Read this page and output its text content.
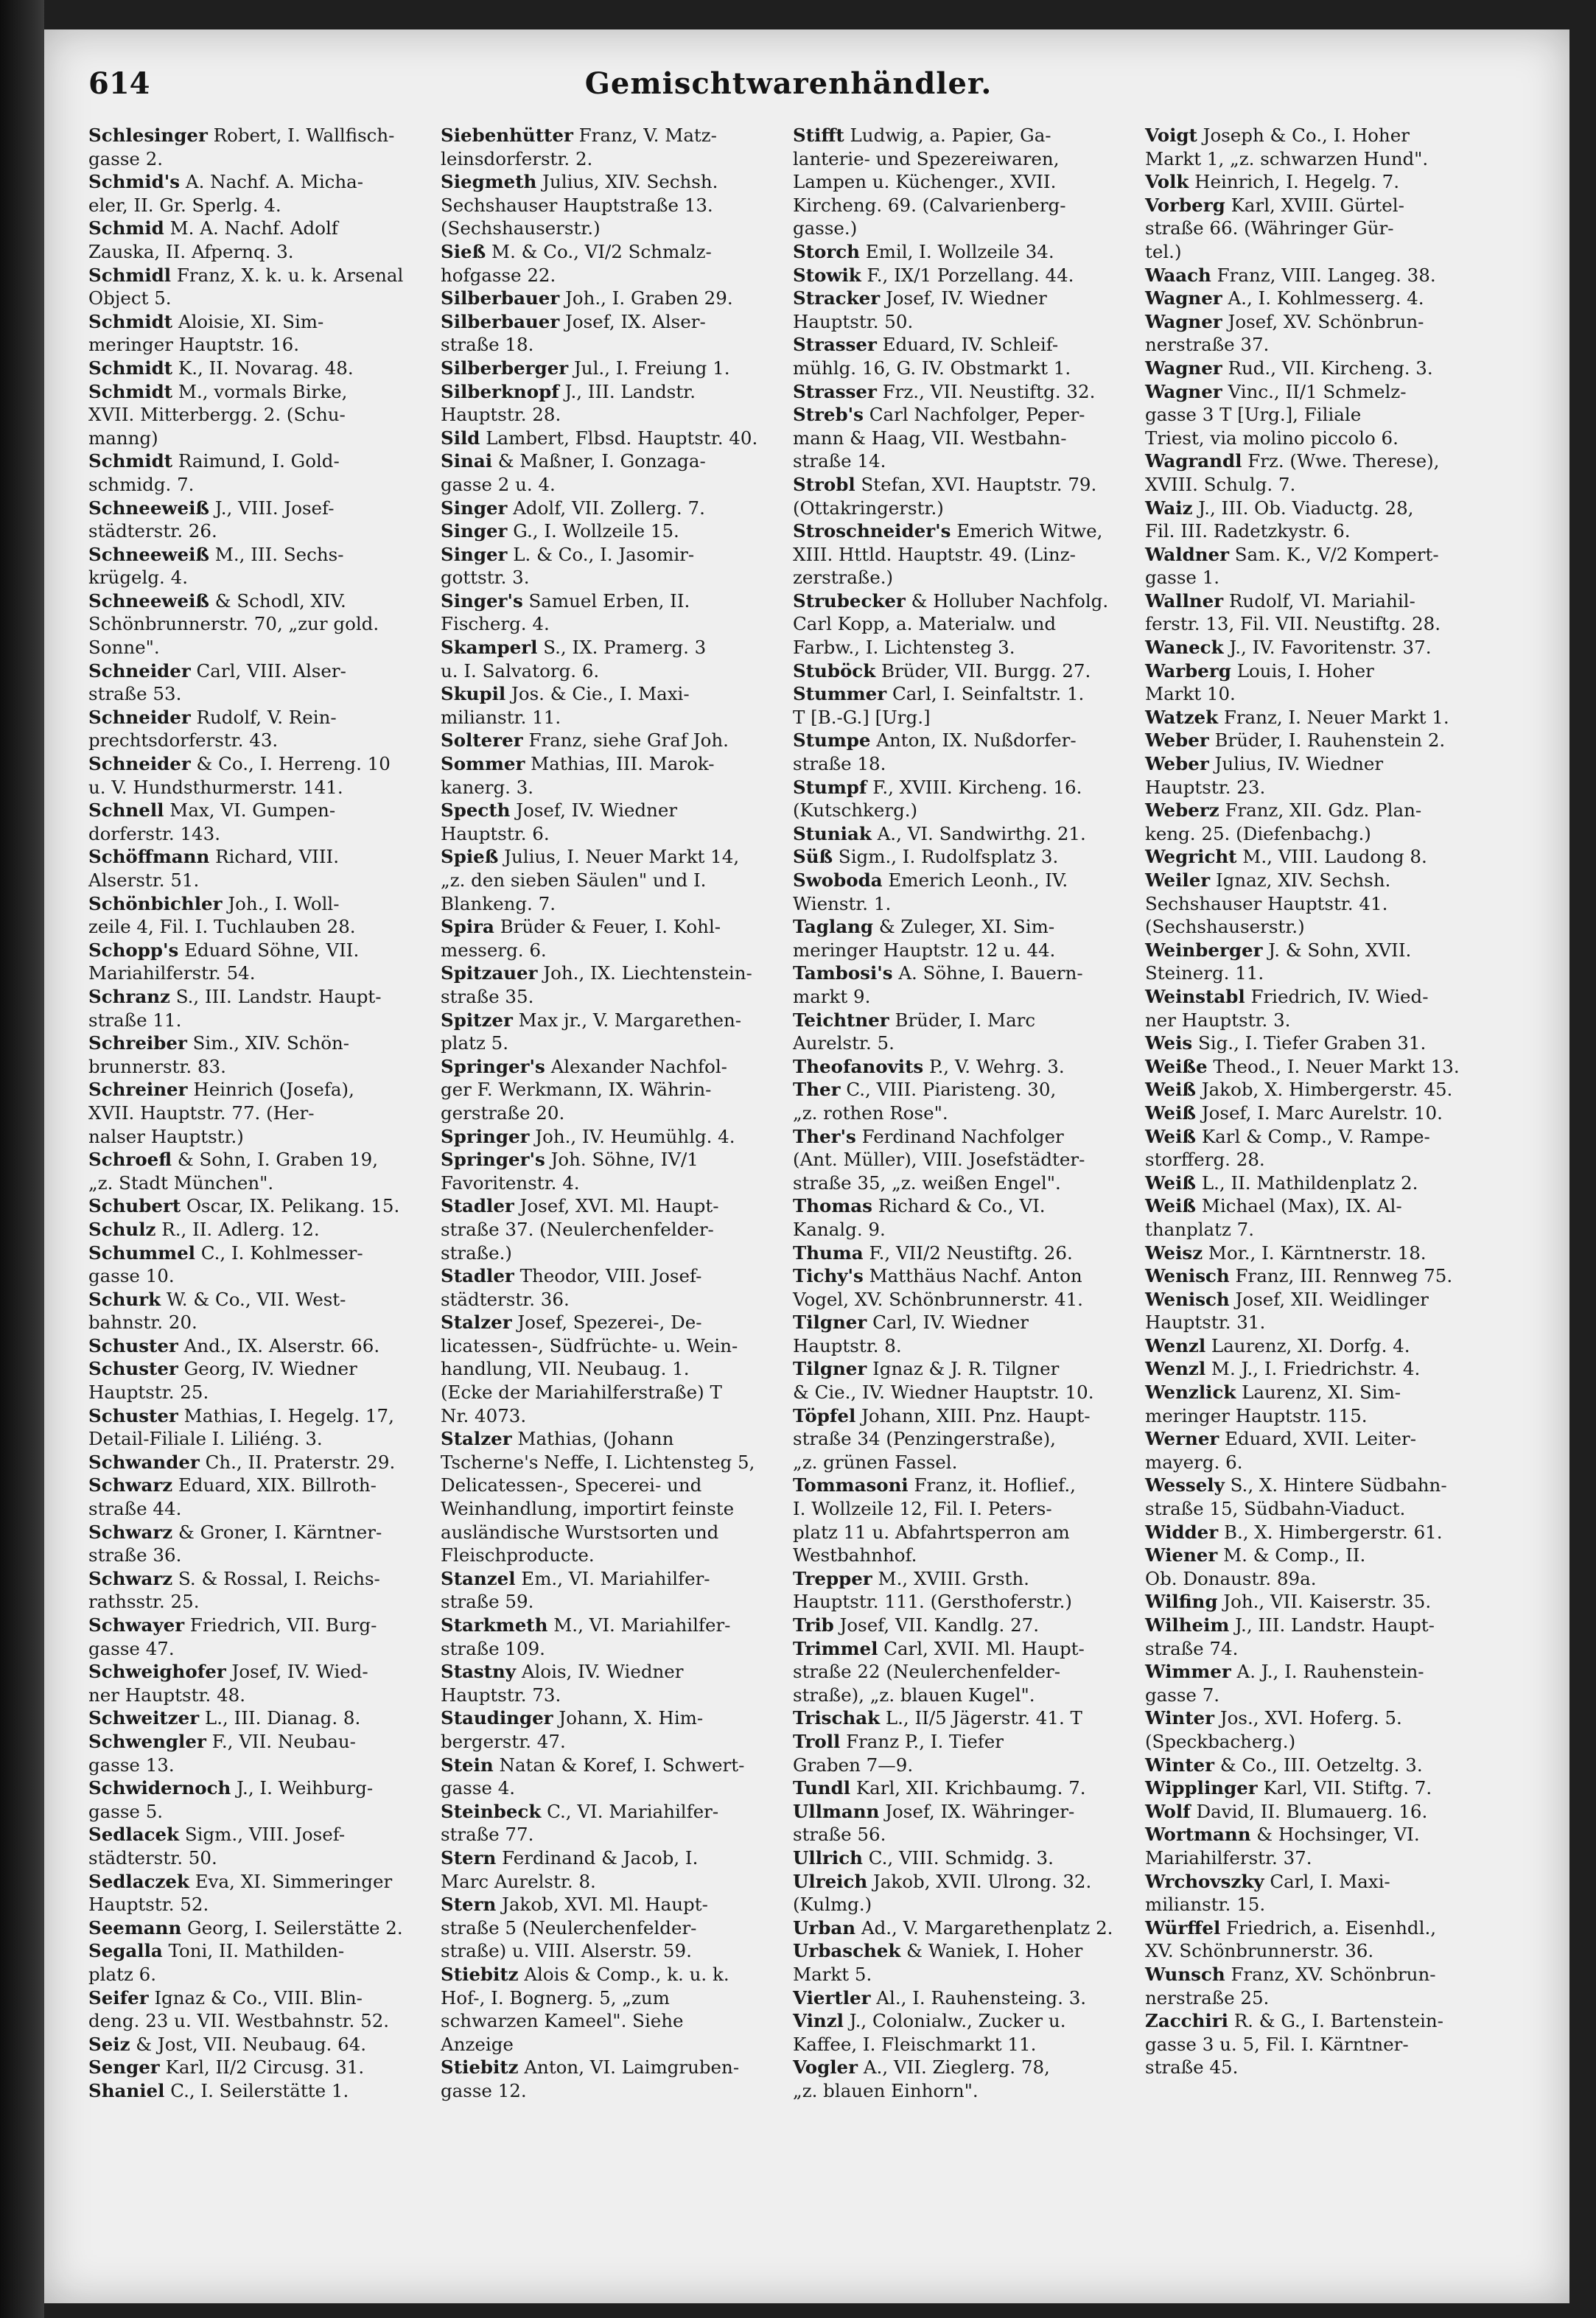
614	Gemischtwarenhändler.
Schlesinger Robert, I. Wallfisch-
gasse 2.
Schmid's A. Nachf. A. Micha-
eler, II. Gr. Sperlg. 4.
Schmid M. A. Nachf. Adolf
Zauska, II. Afpernq. 3.
Schmidl Franz, X. k. u. k. Arsenal
Object 5.
Schmidt Aloisie, XI. Sim-
meringer Hauptstr. 16.
Schmidt K., II. Novarag. 48.
Schmidt M., vormals Birke,
XVII. Mitterbergg. 2. (Schu-
manng)
Schmidt Raimund, I. Gold-
schmidg. 7.
Schneeweiß J., VIII. Josef-
städterstr. 26.
Schneeweiß M., III. Sechs-
krügelg. 4.
Schneeweiß & Schodl, XIV.
Schönbrunnerstr. 70, „zur gold.
Sonne".
Schneider Carl, VIII. Alser-
straße 53.
Schneider Rudolf, V. Rein-
prechtsdorferstr. 43.
Schneider & Co., I. Herreng. 10
u. V. Hundsthurmerstr. 141.
Schnell Max, VI. Gumpen-
dorferstr. 143.
Schöffmann Richard, VIII.
Alserstr. 51.
Schönbichler Joh., I. Woll-
zeile 4, Fil. I. Tuchlauben 28.
Schopp's Eduard Söhne, VII.
Mariahilferstr. 54.
Schranz S., III. Landstr. Haupt-
straße 11.
Schreiber Sim., XIV. Schön-
brunnerstr. 83.
Schreiner Heinrich (Josefa),
XVII. Hauptstr. 77. (Her-
nalser Hauptstr.)
Schroefl & Sohn, I. Graben 19,
„z. Stadt München".
Schubert Oscar, IX. Pelikang. 15.
Schulz R., II. Adlerg. 12.
Schummel C., I. Kohlmesser-
gasse 10.
Schurk W. & Co., VII. West-
bahnstr. 20.
Schuster And., IX. Alserstr. 66.
Schuster Georg, IV. Wiedner
Hauptstr. 25.
Schuster Mathias, I. Hegelg. 17,
Detail-Filiale I. Liliéng. 3.
Schwander Ch., II. Praterstr. 29.
Schwarz Eduard, XIX. Billroth-
straße 44.
Schwarz & Groner, I. Kärntner-
straße 36.
Schwarz S. & Rossal, I. Reichs-
rathsstr. 25.
Schwayer Friedrich, VII. Burg-
gasse 47.
Schweighofer Josef, IV. Wied-
ner Hauptstr. 48.
Schweitzer L., III. Dianag. 8.
Schwengler F., VII. Neubau-
gasse 13.
Schwidernoch J., I. Weihburg-
gasse 5.
Sedlacek Sigm., VIII. Josef-
städterstr. 50.
Sedlaczek Eva, XI. Simmeringer
Hauptstr. 52.
Seemann Georg, I. Seilerstätte 2.
Segalla Toni, II. Mathilden-
platz 6.
Seifer Ignaz & Co., VIII. Blin-
deng. 23 u. VII. Westbahnstr. 52.
Seiz & Jost, VII. Neubaug. 64.
Senger Karl, II/2 Circusg. 31.
Shaniel C., I. Seilerstätte 1.
Siebenhütter Franz, V. Matz-
leinsdorferstr. 2.
Siegmeth Julius, XIV. Sechsh.
Sechshauser Hauptstraße 13.
(Sechshauserstr.)
Sieß M. & Co., VI/2 Schmalz-
hofgasse 22.
Silberbauer Joh., I. Graben 29.
Silberbauer Josef, IX. Alser-
straße 18.
Silberberger Jul., I. Freiung 1.
Silberknopf J., III. Landstr.
Hauptstr. 28.
Sild Lambert, Flbsd. Hauptstr. 40.
Sinai & Maßner, I. Gonzaga-
gasse 2 u. 4.
Singer Adolf, VII. Zollerg. 7.
Singer G., I. Wollzeile 15.
Singer L. & Co., I. Jasomir-
gottstr. 3.
Singer's Samuel Erben, II.
Fischerg. 4.
Skamperl S., IX. Pramerg. 3
u. I. Salvatorg. 6.
Skupil Jos. & Cie., I. Maxi-
milianstr. 11.
Solterer Franz, siehe Graf Joh.
Sommer Mathias, III. Marok-
kanerg. 3.
Specth Josef, IV. Wiedner
Hauptstr. 6.
Spieß Julius, I. Neuer Markt 14,
„z. den sieben Säulen" und I.
Blankeng. 7.
Spira Brüder & Feuer, I. Kohl-
messerg. 6.
Spitzauer Joh., IX. Liechtenstein-
straße 35.
Spitzer Max jr., V. Margarethen-
platz 5.
Springer's Alexander Nachfol-
ger F. Werkmann, IX. Währin-
gerstraße 20.
Springer Joh., IV. Heumühlg. 4.
Springer's Joh. Söhne, IV/1
Favoritenstr. 4.
Stadler Josef, XVI. Ml. Haupt-
straße 37. (Neulerchenfelder-
straße.)
Stadler Theodor, VIII. Josef-
städterstr. 36.
Stalzer Josef, Spezerei-, De-
licatessen-, Südfrüchte- u. Wein-
handlung, VII. Neubaug. 1.
(Ecke der Mariahilferstraße) T
Nr. 4073.
Stalzer Mathias, (Johann
Tscherne's Neffe, I. Lichtensteg 5,
Delicatessen-, Specerei- und
Weinhandlung, importirt feinste
ausländische Wurstsorten und
Fleischproducte.
Stanzel Em., VI. Mariahilfer-
straße 59.
Starkmeth M., VI. Mariahilfer-
straße 109.
Stastny Alois, IV. Wiedner
Hauptstr. 73.
Staudinger Johann, X. Him-
bergerstr. 47.
Stein Natan & Koref, I. Schwert-
gasse 4.
Steinbeck C., VI. Mariahilfer-
straße 77.
Stern Ferdinand & Jacob, I.
Marc Aurelstr. 8.
Stern Jakob, XVI. Ml. Haupt-
straße 5 (Neulerchenfelder-
straße) u. VIII. Alserstr. 59.
Stiebitz Alois & Comp., k. u. k.
Hof-, I. Bognerg. 5, „zum
schwarzen Kameel". Siehe
Anzeige
Stiebitz Anton, VI. Laimgruben-
gasse 12.
Stifft Ludwig, a. Papier, Ga-
lanterie- und Spezereiwaren,
Lampen u. Küchenger., XVII.
Kircheng. 69. (Calvarienberg-
gasse.)
Storch Emil, I. Wollzeile 34.
Stowik F., IX/1 Porzellang. 44.
Stracker Josef, IV. Wiedner
Hauptstr. 50.
Strasser Eduard, IV. Schleif-
mühlg. 16, G. IV. Obstmarkt 1.
Strasser Frz., VII. Neustiftg. 32.
Streb's Carl Nachfolger, Peper-
mann & Haag, VII. Westbahn-
straße 14.
Strobl Stefan, XVI. Hauptstr. 79.
(Ottakringerstr.)
Stroschneider's Emerich Witwe,
XIII. Httld. Hauptstr. 49. (Linz-
zerstraße.)
Strubecker & Holluber Nachfolg.
Carl Kopp, a. Materialw. und
Farbw., I. Lichtensteg 3.
Stuböck Brüder, VII. Burgg. 27.
Stummer Carl, I. Seinfaltstr. 1.
T [B.-G.] [Urg.]
Stumpe Anton, IX. Nußdorfer-
straße 18.
Stumpf F., XVIII. Kircheng. 16.
(Kutschkerg.)
Stuniak A., VI. Sandwirthg. 21.
Süß Sigm., I. Rudolfsplatz 3.
Swoboda Emerich Leonh., IV.
Wienstr. 1.
Taglang & Zuleger, XI. Sim-
meringer Hauptstr. 12 u. 44.
Tambosi's A. Söhne, I. Bauern-
markt 9.
Teichtner Brüder, I. Marc
Aurelstr. 5.
Theofanovits P., V. Wehrg. 3.
Ther C., VIII. Piaristeng. 30,
„z. rothen Rose".
Ther's Ferdinand Nachfolger
(Ant. Müller), VIII. Josefstädter-
straße 35, „z. weißen Engel".
Thomas Richard & Co., VI.
Kanalg. 9.
Thuma F., VII/2 Neustiftg. 26.
Tichy's Matthäus Nachf. Anton
Vogel, XV. Schönbrunnerstr. 41.
Tilgner Carl, IV. Wiedner
Hauptstr. 8.
Tilgner Ignaz & J. R. Tilgner
& Cie., IV. Wiedner Hauptstr. 10.
Töpfel Johann, XIII. Pnz. Haupt-
straße 34 (Penzingerstraße),
„z. grünen Fassel.
Tommasoni Franz, it. Hoflief.,
I. Wollzeile 12, Fil. I. Peters-
platz 11 u. Abfahrtsperron am
Westbahnhof.
Trepper M., XVIII. Grsth.
Hauptstr. 111. (Gersthoferstr.)
Trib Josef, VII. Kandlg. 27.
Trimmel Carl, XVII. Ml. Haupt-
straße 22 (Neulerchenfelder-
straße), „z. blauen Kugel".
Trischak L., II/5 Jägerstr. 41. T
Troll Franz P., I. Tiefer
Graben 7—9.
Tundl Karl, XII. Krichbaumg. 7.
Ullmann Josef, IX. Währinger-
straße 56.
Ullrich C., VIII. Schmidg. 3.
Ulreich Jakob, XVII. Ulrong. 32.
(Kulmg.)
Urban Ad., V. Margarethenplatz 2.
Urbaschek & Waniek, I. Hoher
Markt 5.
Viertler Al., I. Rauhensteing. 3.
Vinzl J., Colonialw., Zucker u.
Kaffee, I. Fleischmarkt 11.
Vogler A., VII. Zieglerg. 78,
„z. blauen Einhorn".
Voigt Joseph & Co., I. Hoher
Markt 1, „z. schwarzen Hund".
Volk Heinrich, I. Hegelg. 7.
Vorberg Karl, XVIII. Gürtel-
straße 66. (Währinger Gür-
tel.)
Waach Franz, VIII. Langeg. 38.
Wagner A., I. Kohlmesserg. 4.
Wagner Josef, XV. Schönbrun-
nerstraße 37.
Wagner Rud., VII. Kircheng. 3.
Wagner Vinc., II/1 Schmelz-
gasse 3 T [Urg.], Filiale
Triest, via molino piccolo 6.
Wagrandl Frz. (Wwe. Therese),
XVIII. Schulg. 7.
Waiz J., III. Ob. Viaductg. 28,
Fil. III. Radetzkystr. 6.
Waldner Sam. K., V/2 Kompert-
gasse 1.
Wallner Rudolf, VI. Mariahil-
ferstr. 13, Fil. VII. Neustiftg. 28.
Waneck J., IV. Favoritenstr. 37.
Warberg Louis, I. Hoher
Markt 10.
Watzek Franz, I. Neuer Markt 1.
Weber Brüder, I. Rauhenstein 2.
Weber Julius, IV. Wiedner
Hauptstr. 23.
Weberz Franz, XII. Gdz. Plan-
keng. 25. (Diefenbachg.)
Wegricht M., VIII. Laudong 8.
Weiler Ignaz, XIV. Sechsh.
Sechshauser Hauptstr. 41.
(Sechshauserstr.)
Weinberger J. & Sohn, XVII.
Steinerg. 11.
Weinstabl Friedrich, IV. Wied-
ner Hauptstr. 3.
Weis Sig., I. Tiefer Graben 31.
Weiße Theod., I. Neuer Markt 13.
Weiß Jakob, X. Himbergerstr. 45.
Weiß Josef, I. Marc Aurelstr. 10.
Weiß Karl & Comp., V. Rampe-
storfferg. 28.
Weiß L., II. Mathildenplatz 2.
Weiß Michael (Max), IX. Al-
thanplatz 7.
Weisz Mor., I. Kärntnerstr. 18.
Wenisch Franz, III. Rennweg 75.
Wenisch Josef, XII. Weidlinger
Hauptstr. 31.
Wenzl Laurenz, XI. Dorfg. 4.
Wenzl M. J., I. Friedrichstr. 4.
Wenzlick Laurenz, XI. Sim-
meringer Hauptstr. 115.
Werner Eduard, XVII. Leiter-
mayerg. 6.
Wessely S., X. Hintere Südbahn-
straße 15, Südbahn-Viaduct.
Widder B., X. Himbergerstr. 61.
Wiener M. & Comp., II.
Ob. Donaustr. 89a.
Wilfing Joh., VII. Kaiserstr. 35.
Wilheim J., III. Landstr. Haupt-
straße 74.
Wimmer A. J., I. Rauhenstein-
gasse 7.
Winter Jos., XVI. Hoferg. 5.
(Speckbacherg.)
Winter & Co., III. Oetzeltg. 3.
Wipplinger Karl, VII. Stiftg. 7.
Wolf David, II. Blumauerg. 16.
Wortmann & Hochsinger, VI.
Mariahilferstr. 37.
Wrchovszky Carl, I. Maxi-
milianstr. 15.
Würffel Friedrich, a. Eisenhdl.,
XV. Schönbrunnerstr. 36.
Wunsch Franz, XV. Schönbrun-
nerstraße 25.
Zacchiri R. & G., I. Bartenstein-
gasse 3 u. 5, Fil. I. Kärntner-
straße 45.
